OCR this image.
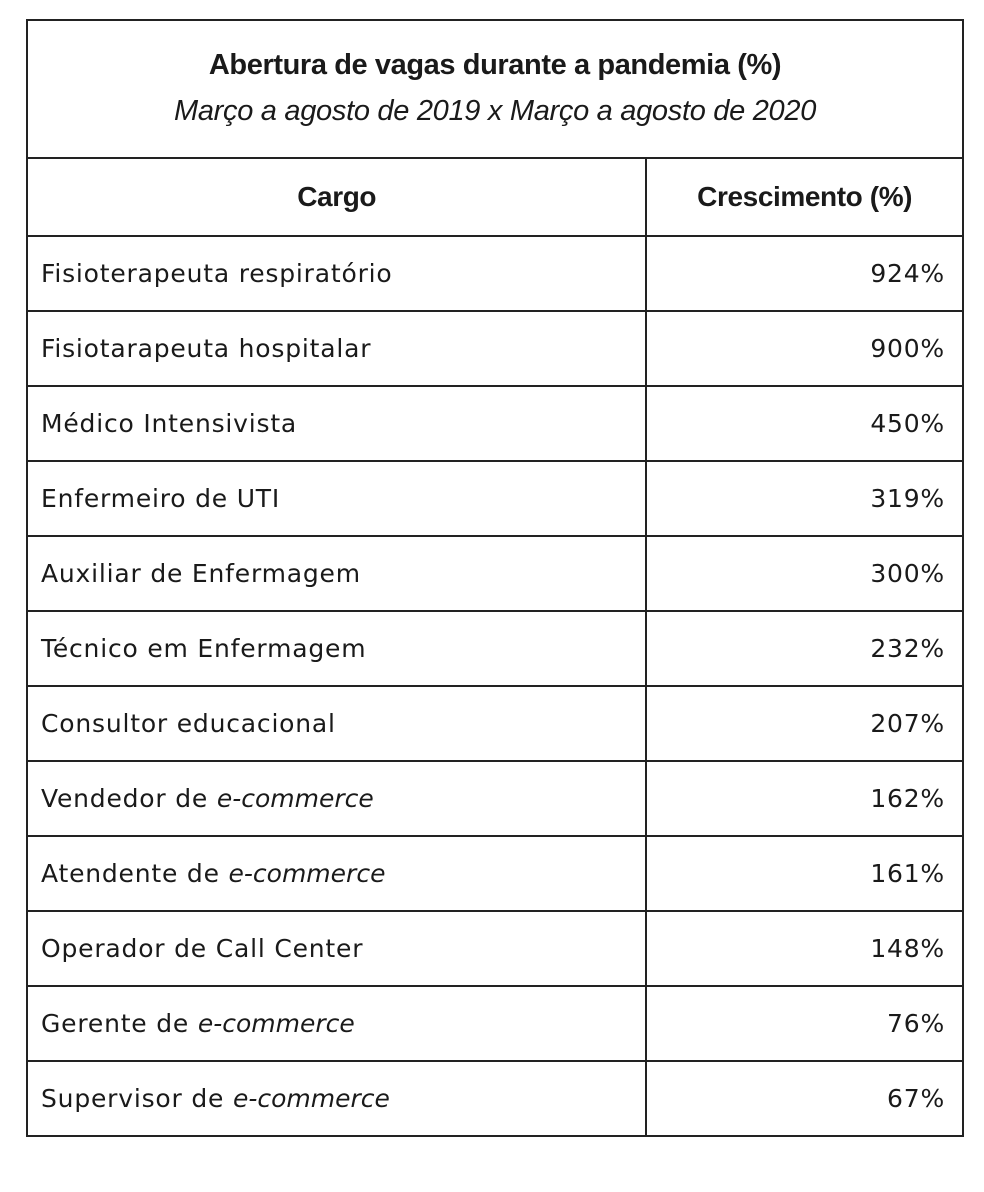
Abertura de vagas durante a pandemia (%)
Março a agosto de 2019 x Março a agosto de 2020	

Cargo	Crescimento (%)
Fisioterapeuta respiratório	924%
Fisiotarapeuta hospitalar	900%
Médico Intensivista	450%
Enfermeiro de UTI	319%
Auxiliar de Enfermagem	300%
Técnico em Enfermagem	232%
Consultor educacional	207%
Vendedor de e-commerce	162%
Atendente de e-commerce	161%
Operador de Call Center	148%
Gerente de e-commerce	76%
Supervisor de e-commerce	67%
